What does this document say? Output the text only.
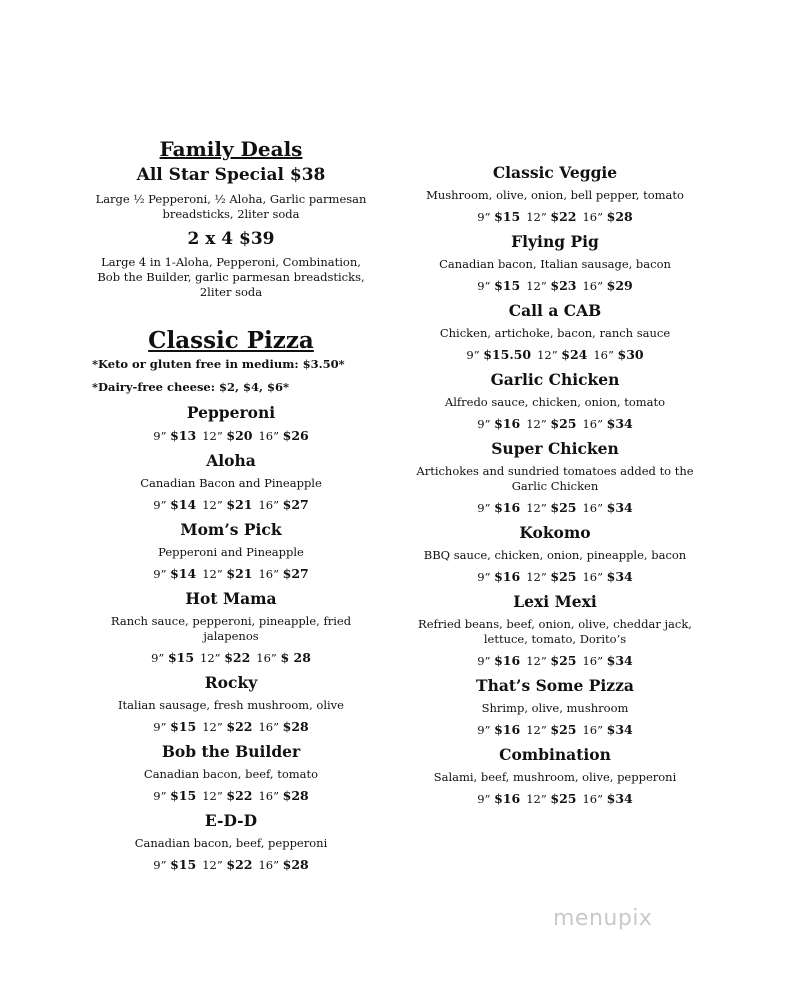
Family Deals
All Star Special $38
Large ½ Pepperoni, ½ Aloha, Garlic parmesan breadsticks, 2liter soda
2 x 4 $39
Large 4 in 1-Aloha, Pepperoni, Combination, Bob the Builder, garlic parmesan breadsticks, 2liter soda
Classic Pizza
*Keto or gluten free in medium: $3.50*
*Dairy-free cheese: $2, $4, $6*
Pepperoni
9” $13 12” $20 16” $26
Aloha
Canadian Bacon and Pineapple
9” $14 12” $21 16” $27
Mom’s Pick
Pepperoni and Pineapple
9” $14 12” $21 16” $27
Hot Mama
Ranch sauce, pepperoni, pineapple, fried jalapenos
9” $15 12” $22 16” $ 28
Rocky
Italian sausage, fresh mushroom, olive
9” $15 12” $22 16” $28
Bob the Builder
Canadian bacon, beef, tomato
9” $15 12” $22 16” $28
E-D-D
Canadian bacon, beef, pepperoni
9” $15 12” $22 16” $28
Classic Veggie
Mushroom, olive, onion, bell pepper, tomato
9” $15 12” $22 16” $28
Flying Pig
Canadian bacon, Italian sausage, bacon
9” $15 12” $23 16” $29
Call a CAB
Chicken, artichoke, bacon, ranch sauce
9” $15.50 12” $24 16” $30
Garlic Chicken
Alfredo sauce, chicken, onion, tomato
9” $16 12” $25 16” $34
Super Chicken
Artichokes and sundried tomatoes added to the Garlic Chicken
9” $16 12” $25 16” $34
Kokomo
BBQ sauce, chicken, onion, pineapple, bacon
9” $16 12” $25 16” $34
Lexi Mexi
Refried beans, beef, onion, olive, cheddar jack, lettuce, tomato, Dorito’s
9” $16 12” $25 16” $34
That’s Some Pizza
Shrimp, olive, mushroom
9” $16 12” $25 16” $34
Combination
Salami, beef, mushroom, olive, pepperoni
9” $16 12” $25 16” $34
menupix
